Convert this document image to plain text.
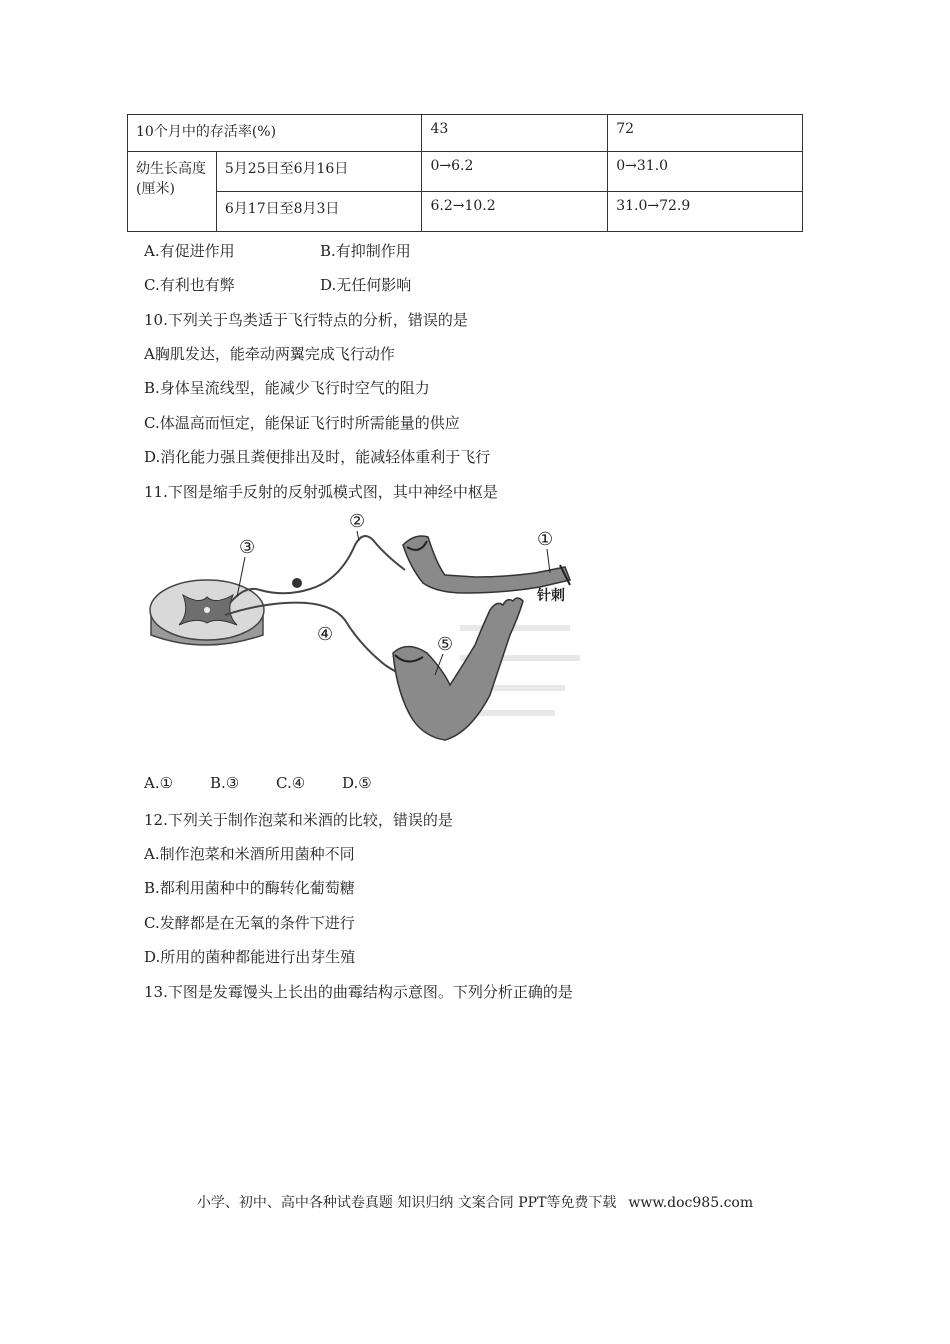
10个月中的存活率(%)		43	72
幼生长高度(厘米)	5月25日至6月16日	0→6.2	0→31.0
	6月17日至8月3日	6.2→10.2	31.0→72.9
A.有促进作用	B.有抑制作用
C.有利也有弊	D.无任何影响
10.下列关于鸟类适于飞行特点的分析，错误的是
A胸肌发达，能牵动两翼完成飞行动作
B.身体呈流线型，能减少飞行时空气的阻力
C.体温高而恒定，能保证飞行时所需能量的供应
D.消化能力强且粪便排出及时，能减轻体重利于飞行
11.下图是缩手反射的反射弧模式图，其中神经中枢是
②
③	①
针刺
④	⑤
A.① B.③ C.④ D.⑤
12.下列关于制作泡菜和米酒的比较，错误的是
A.制作泡菜和米酒所用菌种不同
B.都利用菌种中的酶转化葡萄糖
C.发酵都是在无氧的条件下进行
D.所用的菌种都能进行出芽生殖
13.下图是发霉馒头上长出的曲霉结构示意图。下列分析正确的是
小学、初中、高中各种试卷真题 知识归纳 文案合同 PPT等免费下载 www.doc985.com
